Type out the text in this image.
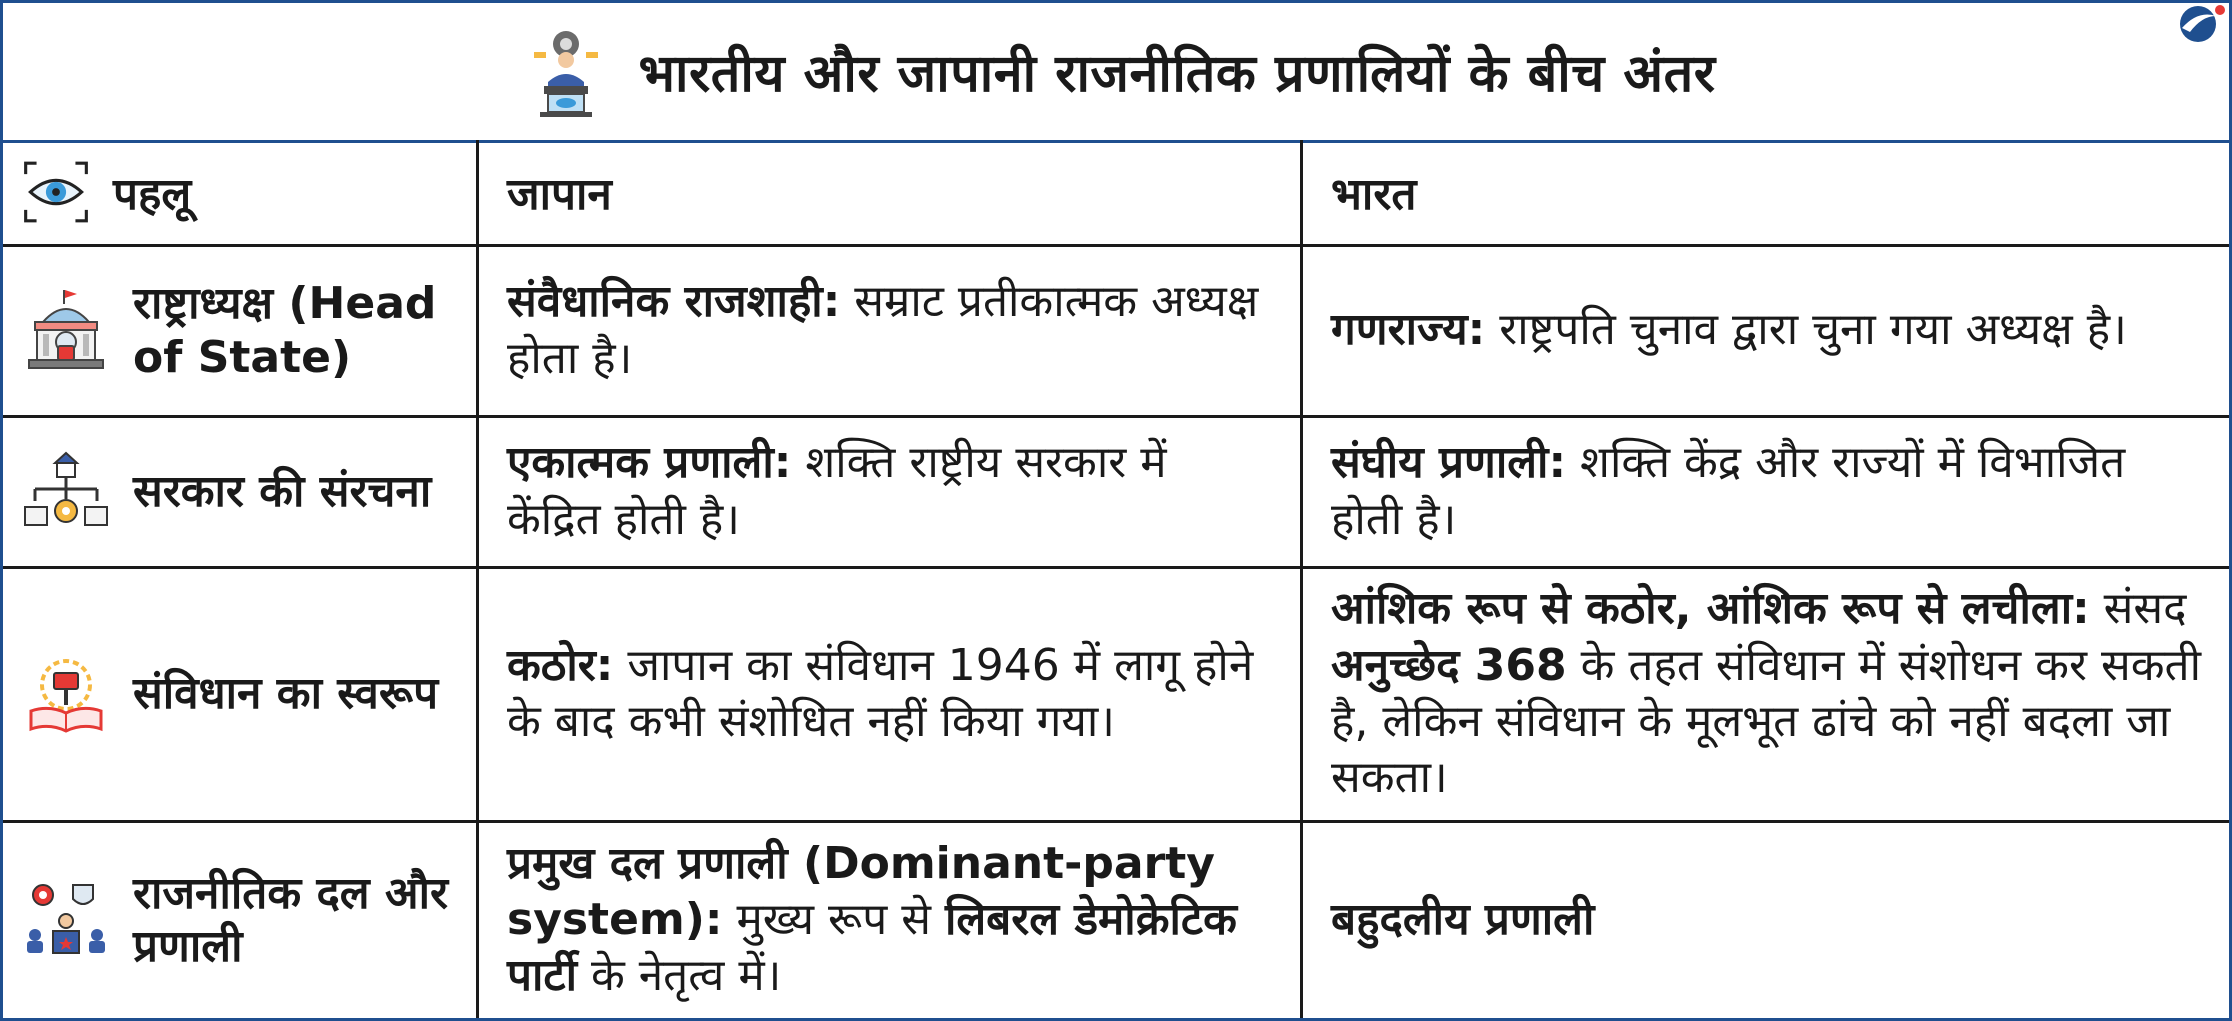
भारतीय और जापानी राजनीतिक प्रणालियों के बीच अंतर
पहलू	जापान	भारत

राष्ट्राध्यक्ष (Head of State)	संवैधानिक राजशाही: सम्राट प्रतीकात्मक अध्यक्ष होता है।	गणराज्य: राष्ट्रपति चुनाव द्वारा चुना गया अध्यक्ष है।

सरकार की संरचना	एकात्मक प्रणाली: शक्ति राष्ट्रीय सरकार में केंद्रित होती है।	संघीय प्रणाली: शक्ति केंद्र और राज्यों में विभाजित होती है।

संविधान का स्वरूप	कठोर: जापान का संविधान 1946 में लागू होने के बाद कभी संशोधित नहीं किया गया।	आंशिक रूप से कठोर, आंशिक रूप से लचीला: संसद अनुच्छेद 368 के तहत संविधान में संशोधन कर सकती है, लेकिन संविधान के मूलभूत ढांचे को नहीं बदला जा सकता।

राजनीतिक दल और प्रणाली	प्रमुख दल प्रणाली (Dominant-party system): मुख्य रूप से लिबरल डेमोक्रेटिक पार्टी के नेतृत्व में।	बहुदलीय प्रणाली
